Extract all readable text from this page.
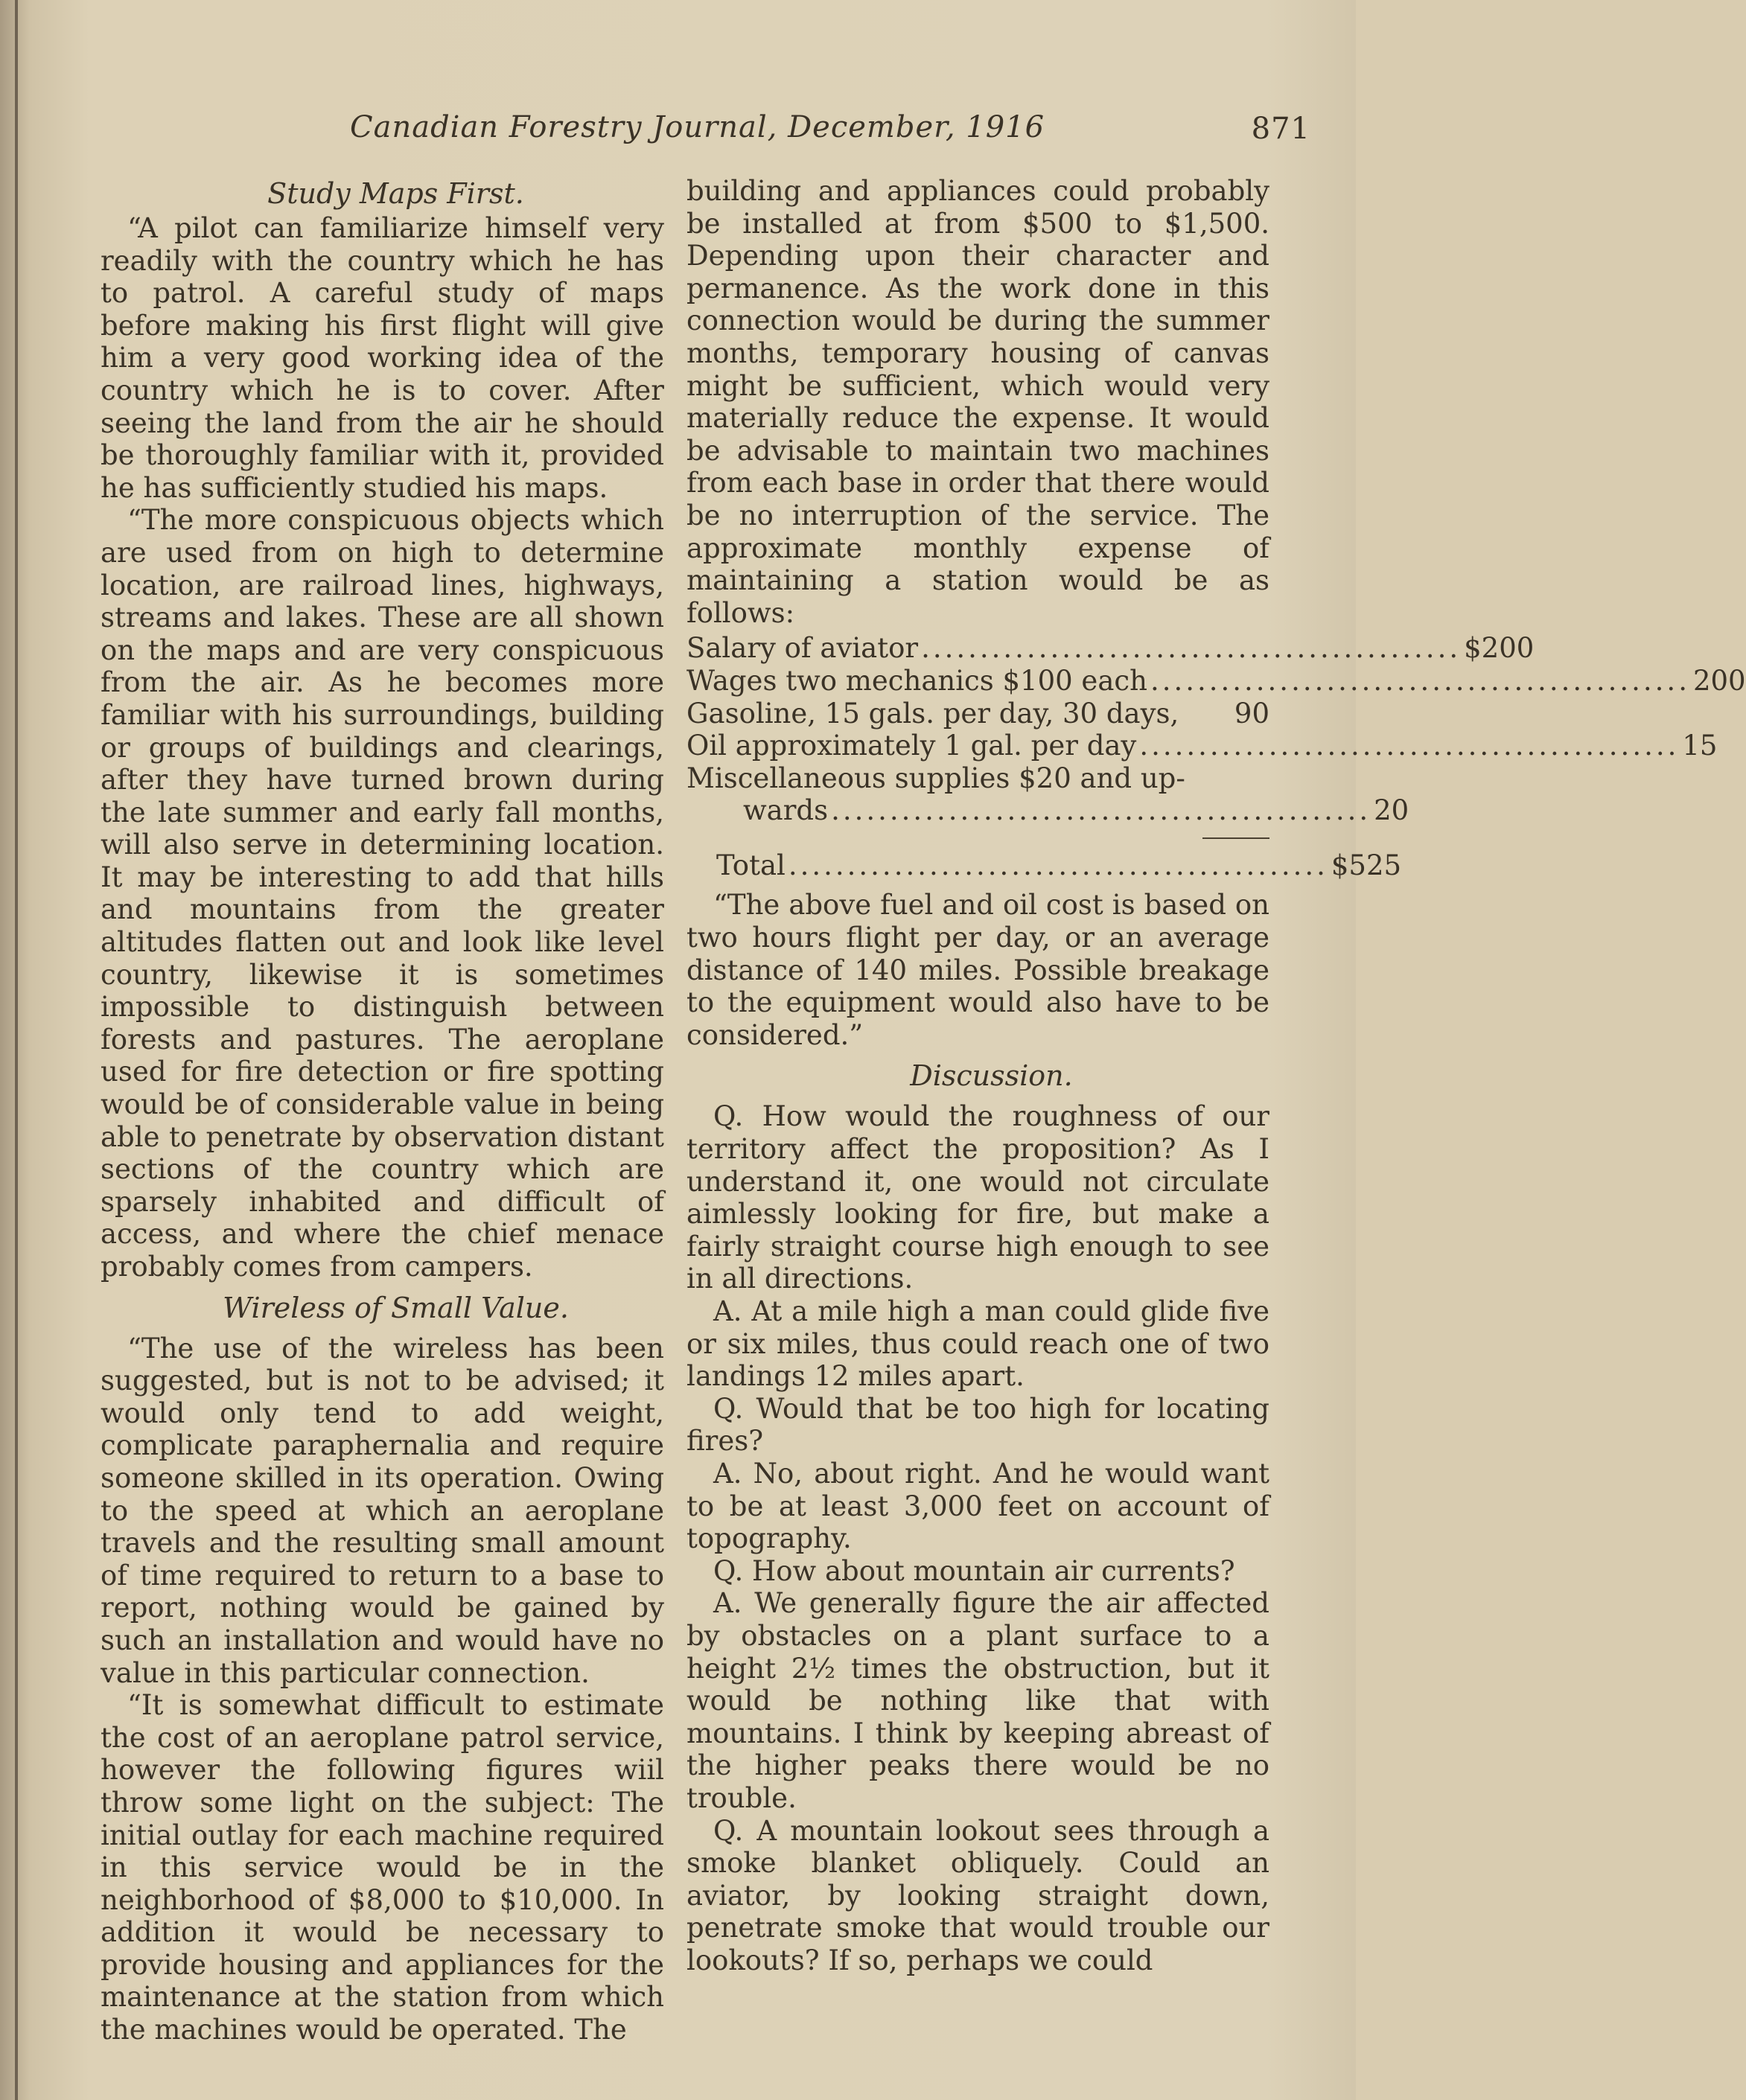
Canadian Forestry Journal, December, 1916	871

Study Maps First.

“A pilot can familiarize himself very readily with the country which he has to patrol. A careful study of maps before making his first flight will give him a very good working idea of the country which he is to cover. After seeing the land from the air he should be thoroughly familiar with it, provided he has sufficiently studied his maps.

“The more conspicuous objects which are used from on high to determine location, are railroad lines, highways, streams and lakes. These are all shown on the maps and are very conspicuous from the air. As he becomes more familiar with his surroundings, building or groups of buildings and clearings, after they have turned brown during the late summer and early fall months, will also serve in determining location. It may be interesting to add that hills and mountains from the greater altitudes flatten out and look like level country, likewise it is sometimes impossible to distinguish between forests and pastures. The aeroplane used for fire detection or fire spotting would be of considerable value in being able to penetrate by observation distant sections of the country which are sparsely inhabited and difficult of access, and where the chief menace probably comes from campers.

Wireless of Small Value.

“The use of the wireless has been suggested, but is not to be advised; it would only tend to add weight, complicate paraphernalia and require someone skilled in its operation. Owing to the speed at which an aeroplane travels and the resulting small amount of time required to return to a base to report, nothing would be gained by such an installation and would have no value in this particular connection.

“It is somewhat difficult to estimate the cost of an aeroplane patrol service, however the following figures wiil throw some light on the subject: The initial outlay for each machine required in this service would be in the neighborhood of $8,000 to $10,000. In addition it would be necessary to provide housing and appliances for the maintenance at the station from which the machines would be operated. The

building and appliances could probably be installed at from $500 to $1,500. Depending upon their character and permanence. As the work done in this connection would be during the summer months, temporary housing of canvas might be sufficient, which would very materially reduce the expense. It would be advisable to maintain two machines from each base in order that there would be no interruption of the service. The approximate monthly expense of maintaining a station would be as follows:

Salary of aviator .............................................. $200
Wages two mechanics $100 each .............................................. 200
Gasoline, 15 gals. per day, 30 days,	90
Oil approximately 1 gal. per day .............................................. 15
Miscellaneous supplies $20 and up-
wards .............................................. 20
Total .............................................. $525

“The above fuel and oil cost is based on two hours flight per day, or an average distance of 140 miles. Possible breakage to the equipment would also have to be considered.”

Discussion.

Q. How would the roughness of our territory affect the proposition? As I understand it, one would not circulate aimlessly looking for fire, but make a fairly straight course high enough to see in all directions.

A. At a mile high a man could glide five or six miles, thus could reach one of two landings 12 miles apart.

Q. Would that be too high for locating fires?

A. No, about right. And he would want to be at least 3,000 feet on account of topography.

Q. How about mountain air currents?

A. We generally figure the air affected by obstacles on a plant surface to a height 2½ times the obstruction, but it would be nothing like that with mountains. I think by keeping abreast of the higher peaks there would be no trouble.

Q. A mountain lookout sees through a smoke blanket obliquely. Could an aviator, by looking straight down, penetrate smoke that would trouble our lookouts? If so, perhaps we could
